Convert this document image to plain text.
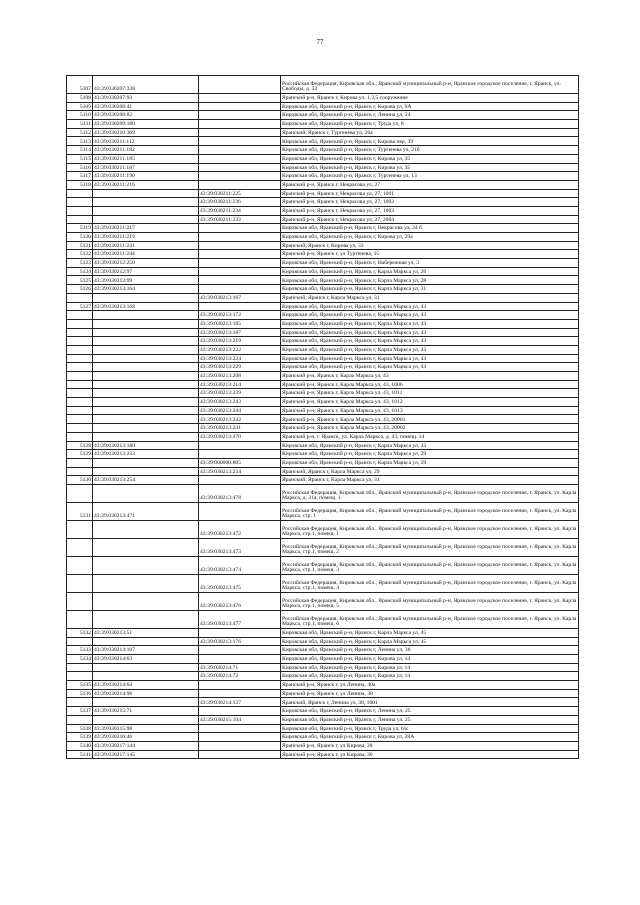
77
5107	43:39:030207:338		Российская Федерация, Кировская обл., Яранский муниципальный р-н, Яранское городское поселение, г. Яранск, ул. Свободы, д. 32
5108	43:39:030207:93		Яранский р-н, Яранск г, Кирова ул, 1,3,5 сооружение
5109	43:39:030208:41		Кировская обл, Яранский р-н, Яранск г, Кирова ул, 9А
5110	43:39:030208:82		Кировская обл, Яранский р-н, Яранск г, Ленина ул, 24
5111	43:39:030209:180		Кировская обл, Яранский р-н, Яранск г, Труда ул, 8
5112	43:39:030210:369		Яранский, Яранск г, Тургенева ул, 26а
5113	43:39:030211:112		Кировская обл, Яранский р-н, Яранск г, Кирова пер, 39
5114	43:39:030211:182		Кировская обл, Яранский р-н, Яранск г, Тургенева ул, 21б
5115	43:39:030211:185		Кировская обл, Яранский р-н, Яранск г, Кирова ул, 35
5116	43:39:030211:187		Кировская обл, Яранский р-н, Яранск г, Кирова ул, 35
5117	43:39:030211:190		Кировская обл, Яранский р-н, Яранск г, Тургенева ул, 13
5118	43:39:030211:216		Яранский р-н, Яранск г, Некрасова ул, 27
		43:39:030211:225	Яранский р-н, Яранск г, Некрасова ул, 27, 1001
		43:39:030211:236	Яранский р-н, Яранск г, Некрасова ул, 27, 1002
		43:39:030211:234	Яранский р-н, Яранск г, Некрасова ул, 27, 1003
		43:39:030211:233	Яранский р-н, Яранск г, Некрасова ул, 27, 2004
5119	43:39:030211:217		Кировская обл, Яранский р-н, Яранск г, Некрасова ул, 24 б
5120	43:39:030211:219		Кировская обл, Яранский р-н, Яранск г, Кирова ул, 29а
5121	43:39:030211:241		Яранский, Яранск г, Кирова ул, 33
5122	43:39:030211:244		Яранский р-н, Яранск г, ул Тургенева, 15
5123	43:39:030212:250		Кировская обл, Яранский р-н, Яранск г, Набережная ул, 3
5124	43:39:030212:97		Кировская обл, Яранский р-н, Яранск г, Карла Маркса ул, 26
5125	43:39:030212:99		Кировская обл, Яранский р-н, Яранск г, Карла Маркса ул, 28
5126	43:39:030213:164		Кировская обл, Яранский р-н, Яранск г, Карла Маркса ул, 31
		43:39:030213:167	Яранский, Яранск г, Карла Маркса ул, 31
5127	43:39:030213:168		Кировская обл, Яранский р-н, Яранск г, Карла Маркса ул, 43
		43:39:030213:172	Кировская обл, Яранский р-н, Яранск г, Карла Маркса ул, 43
		43:39:030213:185	Кировская обл, Яранский р-н, Яранск г, Карла Маркса ул, 43
		43:39:030213:187	Кировская обл, Яранский р-н, Яранск г, Карла Маркса ул, 43
		43:39:030213:219	Кировская обл, Яранский р-н, Яранск г, Карла Маркса ул, 43
		43:39:030213:222	Кировская обл, Яранский р-н, Яранск г, Карла Маркса ул, 43
		43:39:030213:224	Кировская обл, Яранский р-н, Яранск г, Карла Маркса ул, 43
		43:39:030213:229	Кировская обл, Яранский р-н, Яранск г, Карла Маркса ул, 43
		43:39:030213:208	Яранский р-н, Яранск г, Карла Маркса ул, 43
		43:39:030213:214	Яранский р-н, Яранск г, Карла Маркса ул, 43, 1006
		43:39:030213:239	Яранский р-н, Яранск г, Карла Маркса ул, 43, 1011
		43:39:030213:243	Яранский р-н, Яранск г, Карла Маркса ул, 43, 1012
		43:39:030213:244	Яранский р-н, Яранск г, Карла Маркса ул, 43, 1013
		43:39:030213:242	Яранский р-н, Яранск г, Карла Маркса ул, 43, 20001
		43:39:030213:241	Яранский р-н, Яранск г, Карла Маркса ул, 43, 20002
		43:39:030213:470	Яранский р-н, г. Яранск, ул. Карла Маркса, д. 43, помещ. 14
5128	43:39:030213:180		Кировская обл, Яранский р-н, Яранск г, Карла Маркса ул, 33
5129	43:39:030213:233		Кировская обл, Яранский р-н, Яранск г, Карла Маркса ул, 29
		43:39:000000:805	Кировская обл, Яранский р-н, Яранск г, Карла Маркса ул, 29
		43:39:030213:234	Яранский, Яранск г, Карла Маркса ул, 29
5130	43:39:030213:254		Яранский, Яранск г, Карла Маркса ул, 31
		43:39:030213:478	Российская Федерация, Кировская обл., Яранский муниципальный р-н, Яранское городское поселение, г. Яранск, ул. Карла Маркса, д. 31а, помещ. 1
5131	43:39:030213:471		Российская Федерация, Кировская обл., Яранский муниципальный р-н, Яранское городское поселение, г. Яранск, ул. Карла Маркса, стр. 1
		43:39:030213:472	Российская Федерация, Кировская обл., Яранский муниципальный р-н, Яранское городское поселение, г. Яранск, ул. Карла Маркса, стр.1, помещ. 1
		43:39:030213:473	Российская Федерация, Кировская обл., Яранский муниципальный р-н, Яранское городское поселение, г. Яранск, ул. Карла Маркса, стр.1, помещ. 2
		43:39:030213:474	Российская Федерация, Кировская обл., Яранский муниципальный р-н, Яранское городское поселение, г. Яранск, ул. Карла Маркса, стр.1, помещ. 3
		43:39:030213:475	Российская Федерация, Кировская обл., Яранский муниципальный р-н, Яранское городское поселение, г. Яранск, ул. Карла Маркса, стр.1, помещ. 4
		43:39:030213:476	Российская Федерация, Кировская обл., Яранский муниципальный р-н, Яранское городское поселение, г. Яранск, ул. Карла Маркса, стр.1, помещ. 5
		43:39:030213:477	Российская Федерация, Кировская обл., Яранский муниципальный р-н, Яранское городское поселение, г. Яранск, ул. Карла Маркса, стр.1, помещ. 6
5132	43:39:030213:51		Кировская обл, Яранский р-н, Яранск г, Карла Маркса ул, 45
		43:39:030213:176	Кировская обл, Яранский р-н, Яранск г, Карла Маркса ул, 45
5133	43:39:030214:107		Кировская обл, Яранский р-н, Яранск г, Ленина ул, 36
5134	43:39:030214:63		Кировская обл, Яранский р-н, Яранск г, Кирова ул, 14
		43:39:030214:71	Кировская обл, Яранский р-н, Яранск г, Кирова ул, 14
		43:39:030214:72	Кировская обл, Яранский р-н, Яранск г, Кирова ул, 14
5135	43:39:030214:64		Яранский р-н, Яранск г, ул Ленина, 40а
5136	43:39:030214:96		Яранский р-н, Яранск г, ул Ленина, 38
		43:39:030214:137	Яранский, Яранск г, Ленина ул, 38, 1001
5137	43:39:030215:71		Кировская обл, Яранский р-н, Яранск г, Ленина ул, 25
		43:39:030215:104	Кировская обл, Яранский р-н, Яранск г, Ленина ул, 25
5138	43:39:030215:98		Кировская обл, Яранский р-н, Яранск г, Труда ул, 6/к
5139	43:39:030216:46		Кировская обл, Яранский р-н, Яранск г, Кирова ул, 28А
5140	43:39:030217:144		Яранский р-н, Яранск г, ул Кирова, 28
5141	43:39:030217:145		Яранский р-н, Яранск г, ул Кирова, 30
